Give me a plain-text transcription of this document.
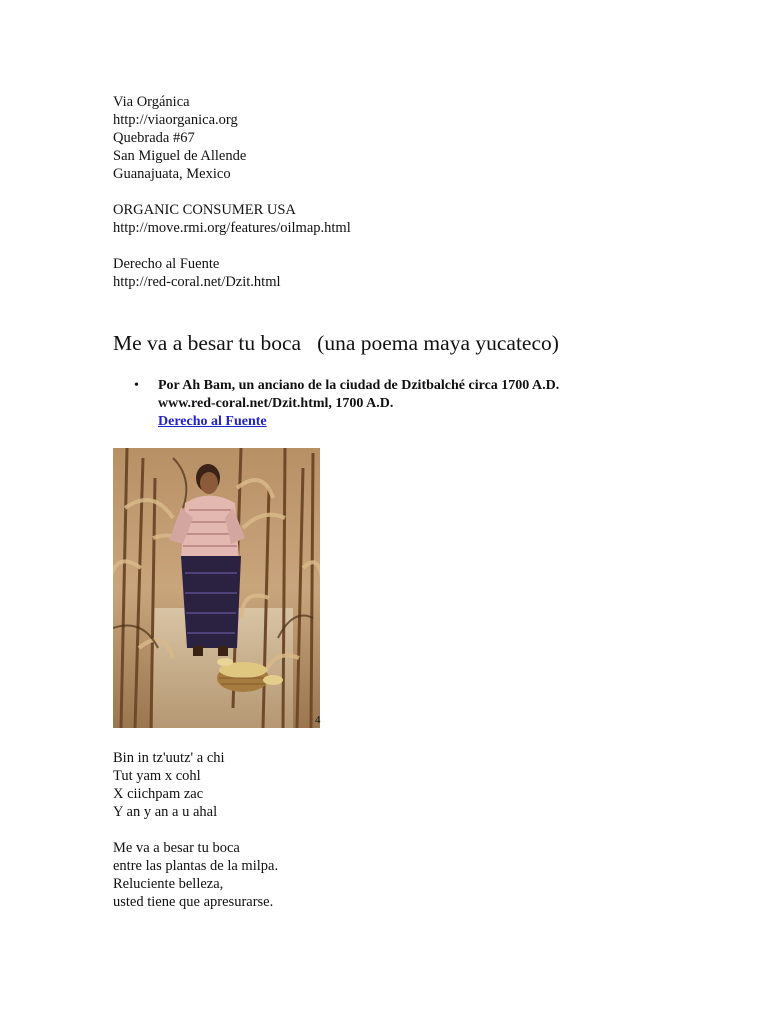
Via Orgánica
http://viaorganica.org
Quebrada #67
San Miguel de Allende
Guanajuata, Mexico
ORGANIC CONSUMER USA
http://move.rmi.org/features/oilmap.html
Derecho al Fuente
http://red-coral.net/Dzit.html
Me va a besar tu boca   (una poema maya yucateco)
• Por Ah Bam, un anciano de la ciudad de Dzitbalché circa 1700 A.D.
www.red-coral.net/Dzit.html, 1700 A.D.
Derecho al Fuente
4
Bin in tz'uutz' a chi
Tut yam x cohl
X ciichpam zac
Y an y an a u ahal
Me va a besar tu boca
entre las plantas de la milpa.
Reluciente belleza,
usted tiene que apresurarse.
